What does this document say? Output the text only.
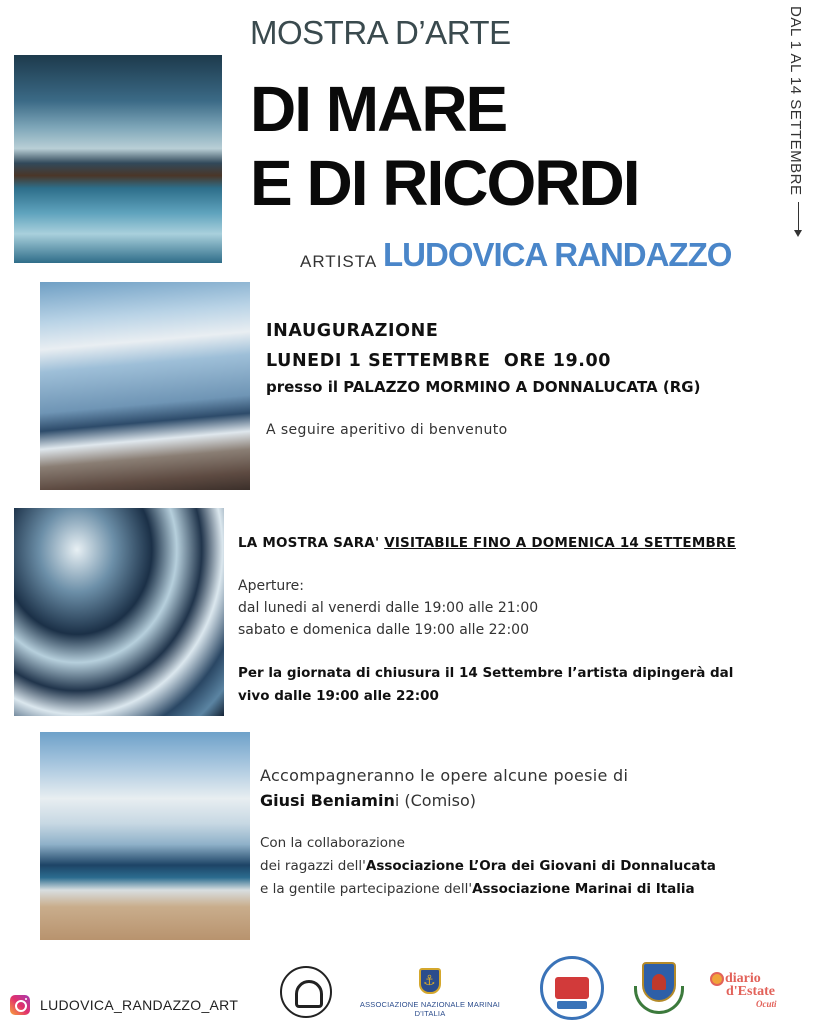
MOSTRA D’ARTE
DI MARE
E DI RICORDI
ARTISTA LUDOVICA RANDAZZO
DAL 1 AL 14 SETTEMBRE
INAUGURAZIONE
LUNEDI 1 SETTEMBRE  ORE 19.00
presso il PALAZZO MORMINO A DONNALUCATA (RG)
A seguire aperitivo di benvenuto
LA MOSTRA SARA' VISITABILE FINO A DOMENICA 14 SETTEMBRE
Aperture:
dal lunedi al venerdi dalle 19:00 alle 21:00
sabato e domenica dalle 19:00 alle 22:00
Per la giornata di chiusura il 14 Settembre l’artista dipingerà dal
vivo dalle 19:00 alle 22:00
Accompagneranno le opere alcune poesie di
Giusi Beniamini (Comiso)
Con la collaborazione
dei ragazzi dell'Associazione L’Ora dei Giovani di Donnalucata
e la gentile partecipazione dell'Associazione Marinai di Italia
LUDOVICA_RANDAZZO_ART
⚓	ASSOCIAZIONE NAZIONALE MARINAI D'ITALIA
diario
d'Estate
Ocuti
